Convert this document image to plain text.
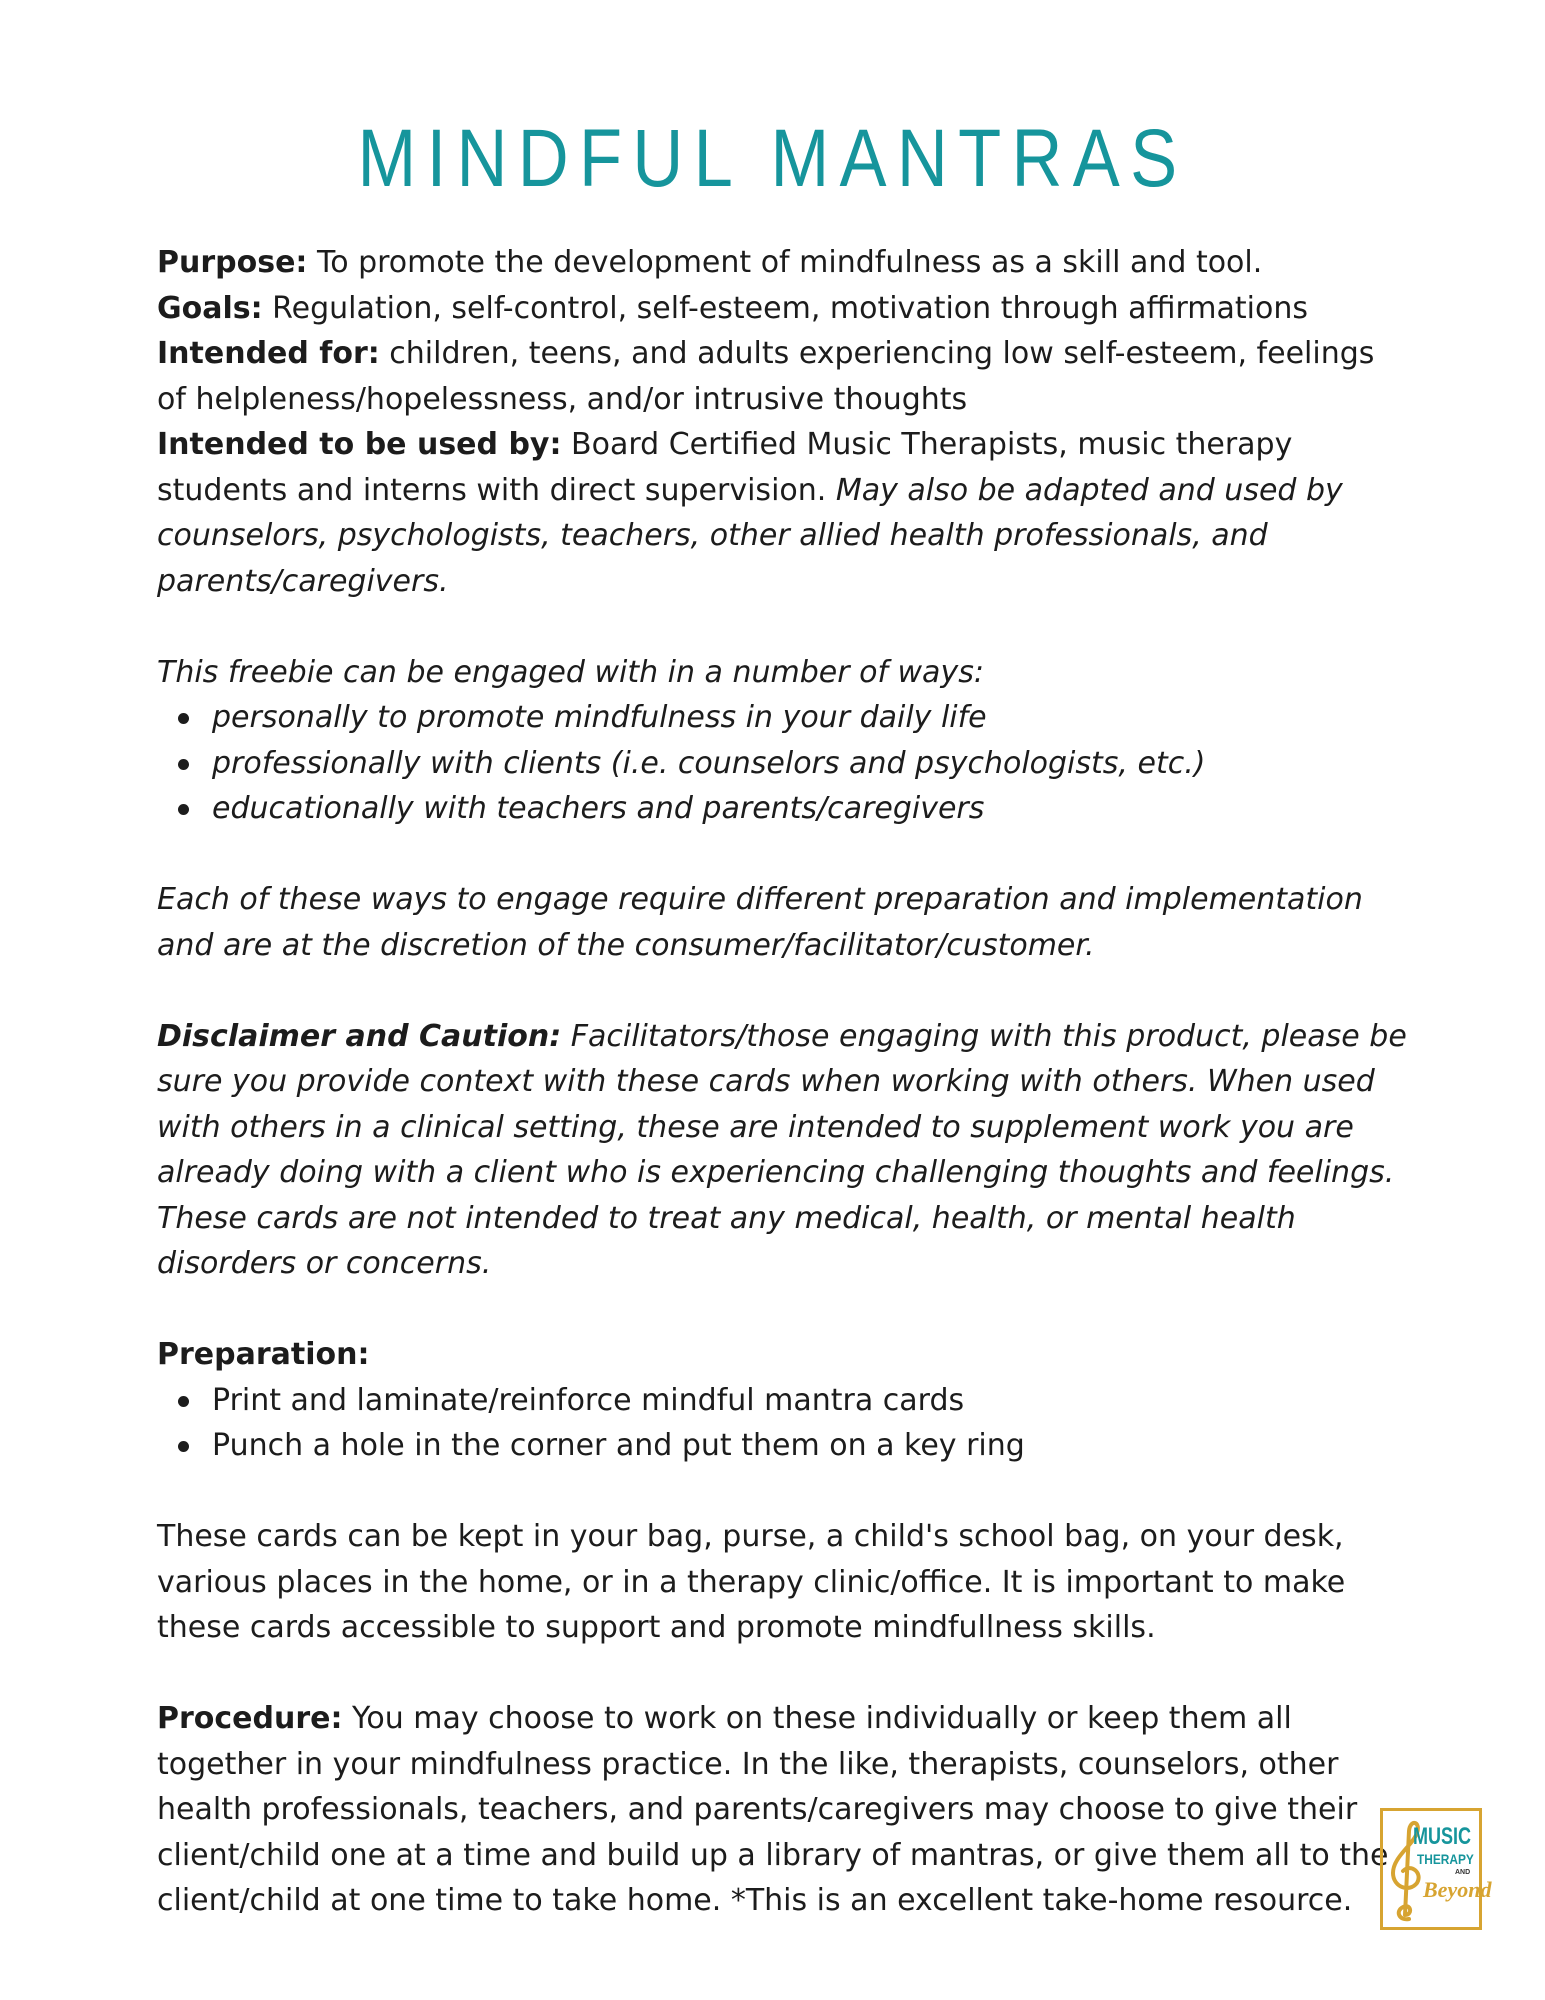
MINDFUL MANTRAS

Purpose: To promote the development of mindfulness as a skill and tool.

Goals: Regulation, self-control, self-esteem, motivation through affirmations

Intended for: children, teens, and adults experiencing low self-esteem, feelings of helpleness/hopelessness, and/or intrusive thoughts

Intended to be used by: Board Certified Music Therapists, music therapy students and interns with direct supervision. May also be adapted and used by counselors, psychologists, teachers, other allied health professionals, and parents/caregivers.

This freebie can be engaged with in a number of ways:

personally to promote mindfulness in your daily life
professionally with clients (i.e. counselors and psychologists, etc.)
educationally with teachers and parents/caregivers

Each of these ways to engage require different preparation and implementation and are at the discretion of the consumer/facilitator/customer.

Disclaimer and Caution: Facilitators/those engaging with this product, please be sure you provide context with these cards when working with others. When used with others in a clinical setting, these are intended to supplement work you are already doing with a client who is experiencing challenging thoughts and feelings. These cards are not intended to treat any medical, health, or mental health disorders or concerns.

Preparation:

Print and laminate/reinforce mindful mantra cards
Punch a hole in the corner and put them on a key ring

These cards can be kept in your bag, purse, a child's school bag, on your desk, various places in the home, or in a therapy clinic/office. It is important to make these cards accessible to support and promote mindfullness skills.

Procedure: You may choose to work on these individually or keep them all together in your mindfulness practice. In the like, therapists, counselors, other health professionals, teachers, and parents/caregivers may choose to give their client/child one at a time and build up a library of mantras, or give them all to the client/child at one time to take home. *This is an excellent take-home resource.

MUSIC
THERAPY
AND
Beyond
